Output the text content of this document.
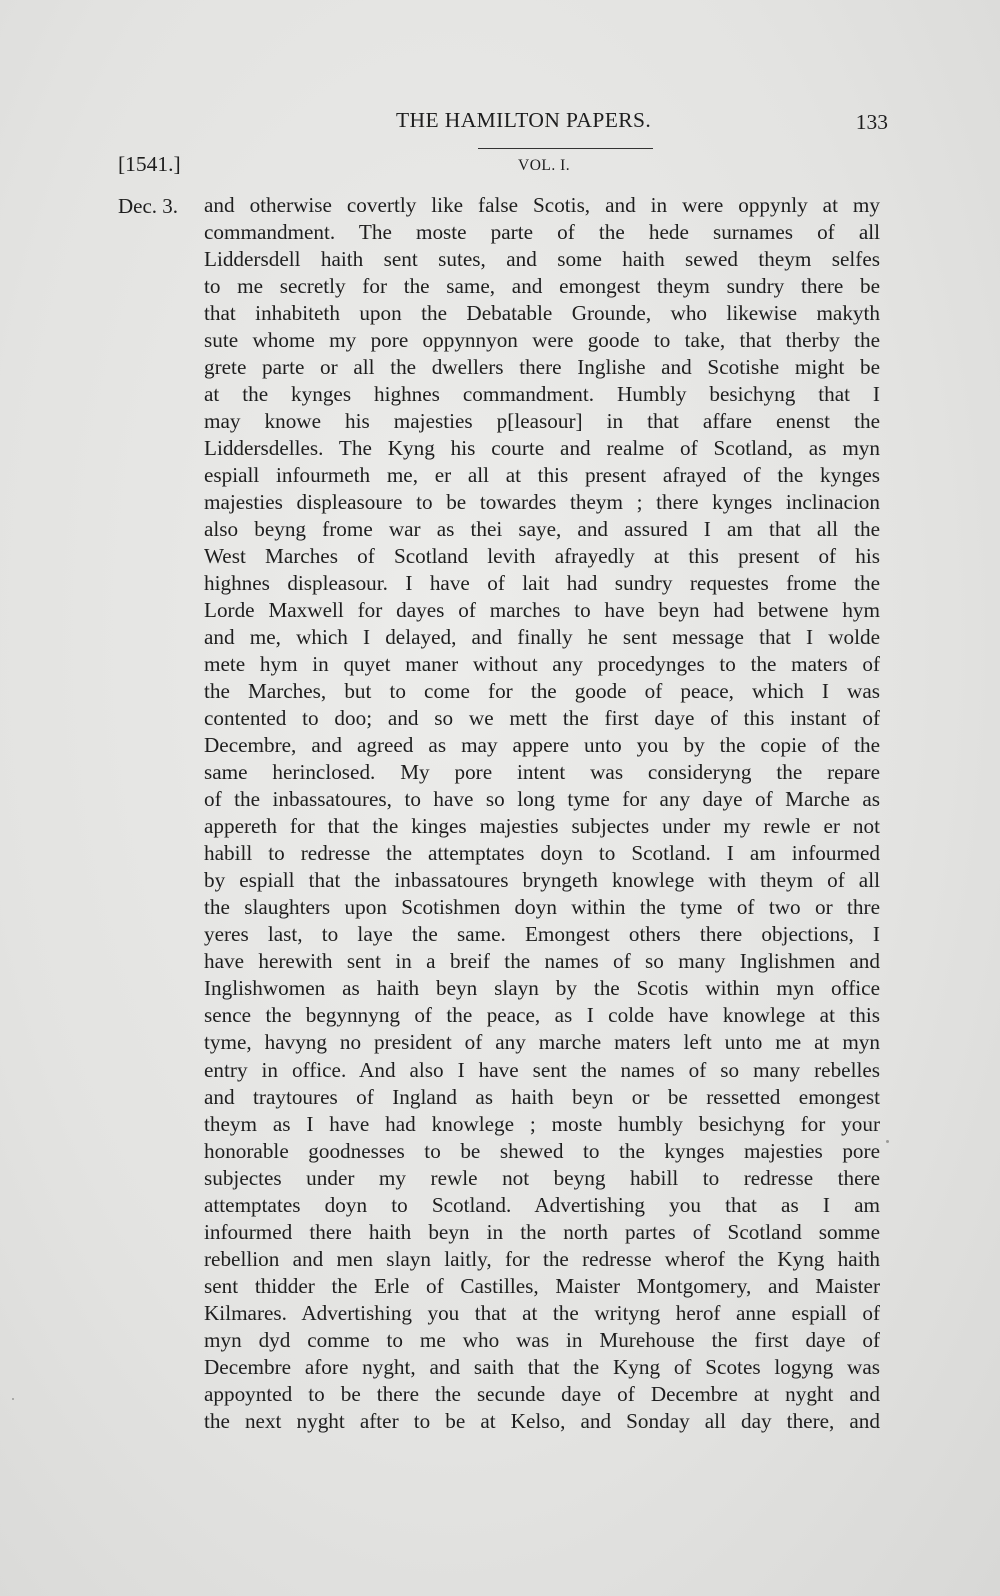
THE HAMILTON PAPERS.	133
[1541.]	VOL. I.
Dec. 3. and otherwise covertly like false Scotis, and in were oppynly at my
commandment. The moste parte of the hede surnames of all
Liddersdell haith sent sutes, and some haith sewed theym selfes
to me secretly for the same, and emongest theym sundry there be
that inhabiteth upon the Debatable Grounde, who likewise makyth
sute whome my pore oppynnyon were goode to take, that therby the
grete parte or all the dwellers there Inglishe and Scotishe might be
at the kynges highnes commandment. Humbly besichyng that I
may knowe his majesties p[leasour] in that affare enenst the
Liddersdelles. The Kyng his courte and realme of Scotland, as myn
espiall infourmeth me, er all at this present afrayed of the kynges
majesties displeasoure to be towardes theym ; there kynges inclinacion
also beyng frome war as thei saye, and assured I am that all the
West Marches of Scotland levith afrayedly at this present of his
highnes displeasour. I have of lait had sundry requestes frome the
Lorde Maxwell for dayes of marches to have beyn had betwene hym
and me, which I delayed, and finally he sent message that I wolde
mete hym in quyet maner without any procedynges to the maters of
the Marches, but to come for the goode of peace, which I was
contented to doo; and so we mett the first daye of this instant of
Decembre, and agreed as may appere unto you by the copie of the
same herinclosed. My pore intent was consideryng the repare
of the inbassatoures, to have so long tyme for any daye of Marche as
appereth for that the kinges majesties subjectes under my rewle er not
habill to redresse the attemptates doyn to Scotland. I am infourmed
by espiall that the inbassatoures bryngeth knowlege with theym of all
the slaughters upon Scotishmen doyn within the tyme of two or thre
yeres last, to laye the same. Emongest others there objections, I
have herewith sent in a breif the names of so many Inglishmen and
Inglishwomen as haith beyn slayn by the Scotis within myn office
sence the begynnyng of the peace, as I colde have knowlege at this
tyme, havyng no president of any marche maters left unto me at myn
entry in office. And also I have sent the names of so many rebelles
and traytoures of Ingland as haith beyn or be ressetted emongest
theym as I have had knowlege ; moste humbly besichyng for your
honorable goodnesses to be shewed to the kynges majesties pore
subjectes under my rewle not beyng habill to redresse there
attemptates doyn to Scotland. Advertishing you that as I am
infourmed there haith beyn in the north partes of Scotland somme
rebellion and men slayn laitly, for the redresse wherof the Kyng haith
sent thidder the Erle of Castilles, Maister Montgomery, and Maister
Kilmares. Advertishing you that at the writyng herof anne espiall of
myn dyd comme to me who was in Murehouse the first daye of
Decembre afore nyght, and saith that the Kyng of Scotes logyng was
appoynted to be there the secunde daye of Decembre at nyght and
the next nyght after to be at Kelso, and Sonday all day there, and
